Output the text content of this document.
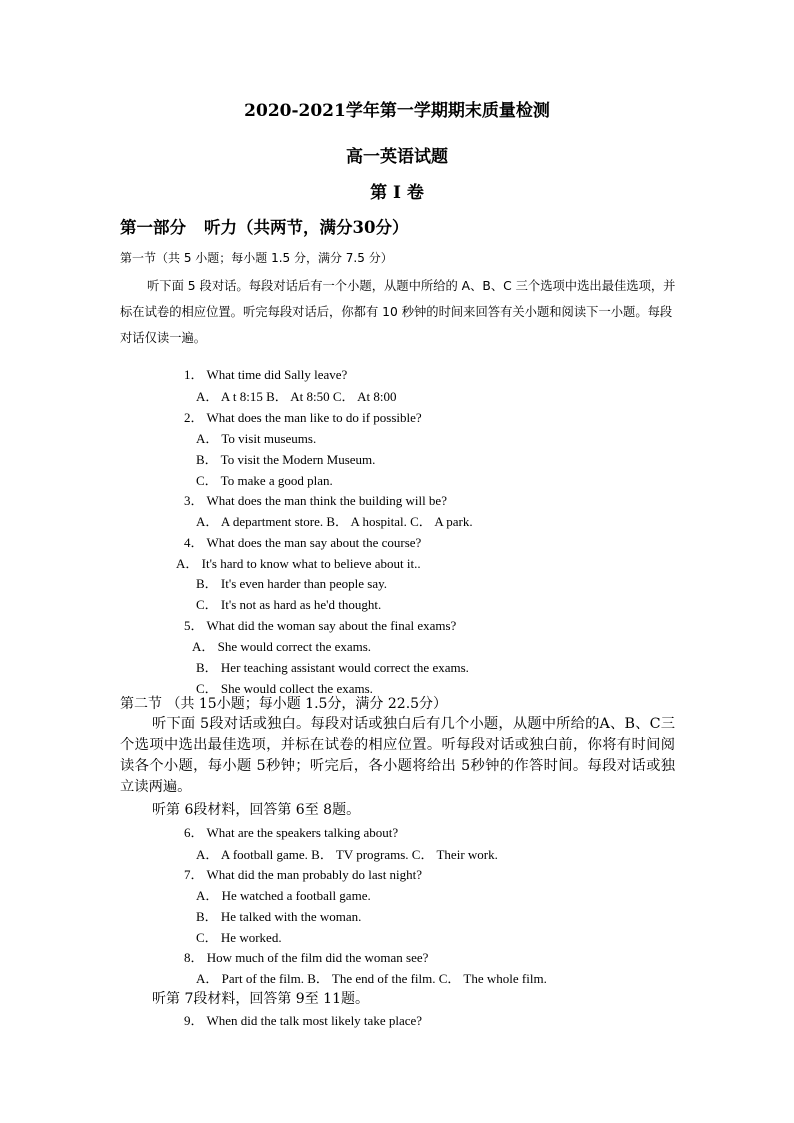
2020-2021学年第一学期期末质量检测
高一英语试题
第 I 卷
第一部分 听力（共两节，满分30分）
第一节（共 5 小题；每小题 1.5 分，满分 7.5 分）
听下面 5 段对话。每段对话后有一个小题，从题中所给的 A、B、C 三个选项中选出最佳选项，并标在试卷的相应位置。听完每段对话后，你都有 10 秒钟的时间来回答有关小题和阅读下一小题。每段对话仅读一遍。
1． What time did Sally leave?
A． A t 8:15 B． At 8:50 C． At 8:00
2． What does the man like to do if possible?
A． To visit museums.
B． To visit the Modern Museum.
C． To make a good plan.
3． What does the man think the building will be?
A． A department store. B． A hospital. C． A park.
4． What does the man say about the course?
A． It's hard to know what to believe about it..
B． It's even harder than people say.
C． It's not as hard as he'd thought.
5． What did the woman say about the final exams?
A． She would correct the exams.
B． Her teaching assistant would correct the exams.
C． She would collect the exams.
第二节 （共 15小题；每小题 1.5分，满分 22.5分）
听下面 5段对话或独白。每段对话或独白后有几个小题，从题中所给的A、B、C三个选项中选出最佳选项，并标在试卷的相应位置。听每段对话或独白前，你将有时间阅读各个小题，每小题 5秒钟；听完后，各小题将给出 5秒钟的作答时间。每段对话或独立读两遍。
听第 6段材料，回答第 6至 8题。
6． What are the speakers talking about?
A． A football game. B． TV programs. C． Their work.
7． What did the man probably do last night?
A． He watched a football game.
B． He talked with the woman.
C． He worked.
8． How much of the film did the woman see?
A． Part of the film. B． The end of the film. C． The whole film.
听第 7段材料，回答第 9至 11题。
9． When did the talk most likely take place?
